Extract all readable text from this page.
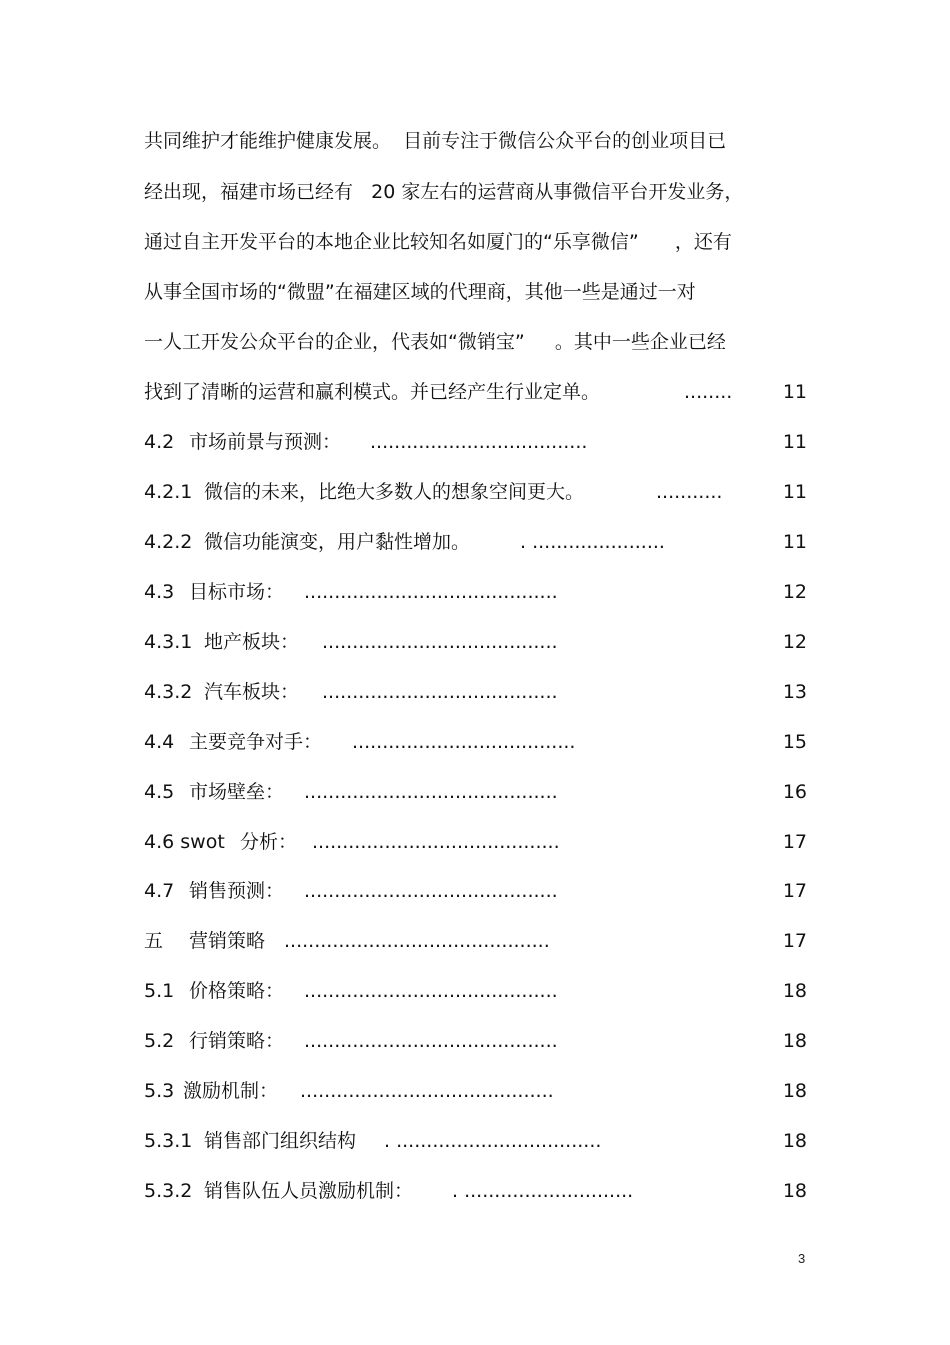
共同维护才能维护健康发展。  目前专注于微信公众平台的创业项目已
经出现，福建市场已经有   20 家左右的运营商从事微信平台开发业务，
通过自主开发平台的本地企业比较知名如厦门的“乐享微信”      ，还有
从事全国市场的“微盟”在福建区域的代理商，其他一些是通过一对
一人工开发公众平台的企业，代表如“微销宝”     。其中一些企业已经
找到了清晰的运营和赢利模式。并已经产生行业定单。	........	11
4.2 市场前景与预测： ....................................	11
4.2.1 微信的未来，比绝大多数人的想象空间更大。	...........	11
4.2.2 微信功能演变，用户黏性增加。	. ......................	11
4.3 目标市场： ..........................................	12
4.3.1 地产板块： .......................................	12
4.3.2 汽车板块： .......................................	13
4.4 主要竞争对手： .....................................	15
4.5 市场壁垒： ..........................................	16
4.6 swot 分析： .........................................	17
4.7 销售预测： ..........................................	17
五 营销策略 ............................................	17
5.1 价格策略： ..........................................	18
5.2 行销策略： ..........................................	18
5.3 激励机制： ..........................................	18
5.3.1 销售部门组织结构 . ..................................	18
5.3.2 销售队伍人员激励机制： . ............................	18
3
